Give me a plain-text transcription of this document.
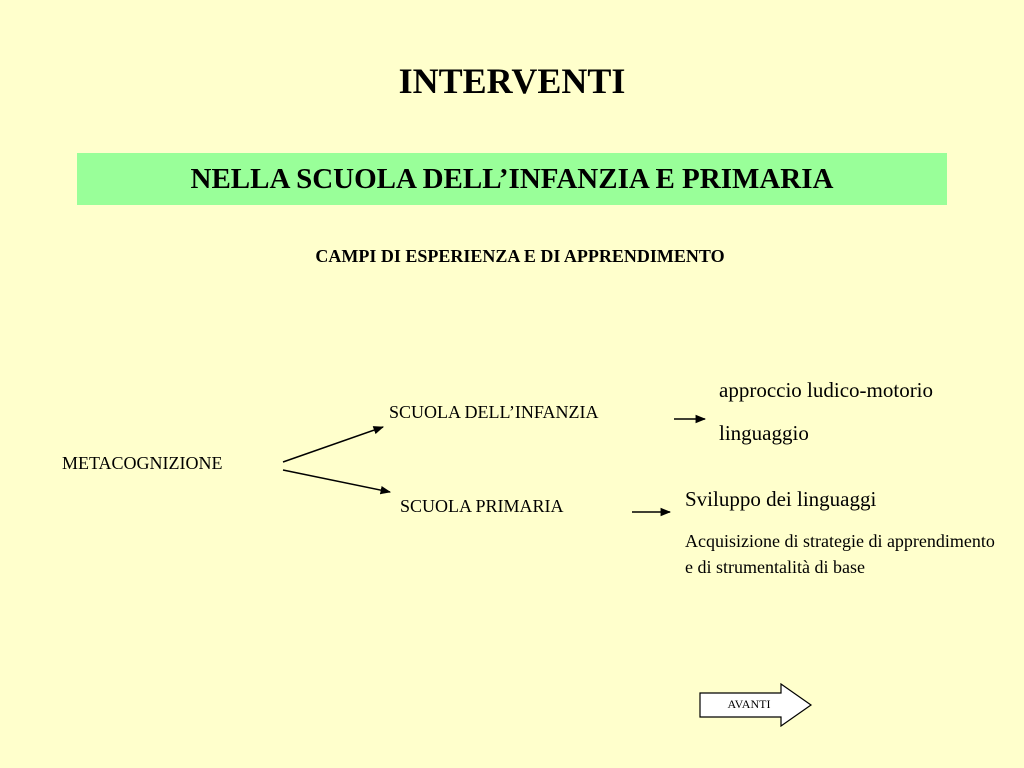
INTERVENTI
NELLA SCUOLA DELL’INFANZIA E PRIMARIA
CAMPI DI ESPERIENZA E DI APPRENDIMENTO
METACOGNIZIONE
SCUOLA DELL’INFANZIA
approccio ludico-motorio
linguaggio
SCUOLA PRIMARIA	Sviluppo dei linguaggi
Acquisizione di strategie di apprendimento e di strumentalità di base
AVANTI
